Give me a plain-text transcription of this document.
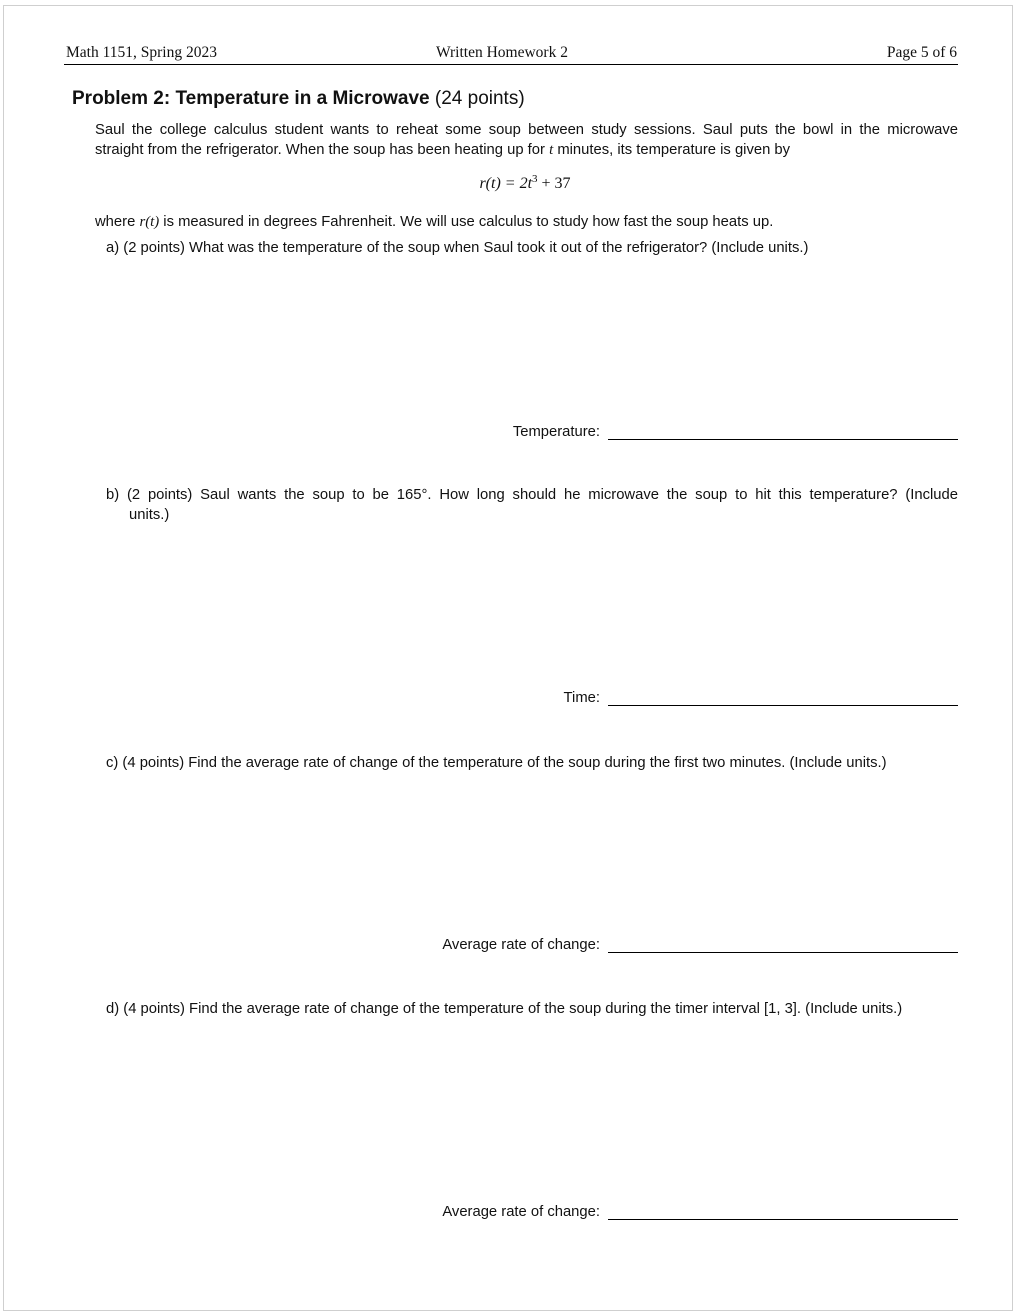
Math 1151, Spring 2023	Written Homework 2	Page 5 of 6
Problem 2: Temperature in a Microwave (24 points)
Saul the college calculus student wants to reheat some soup between study sessions. Saul puts the bowl in the microwave
straight from the refrigerator. When the soup has been heating up for t minutes, its temperature is given by
$r(t) = 2t^3 + 37$
where r(t) is measured in degrees Fahrenheit. We will use calculus to study how fast the soup heats up.
a) (2 points) What was the temperature of the soup when Saul took it out of the refrigerator? (Include units.)
Temperature:
b) (2 points) Saul wants the soup to be 165°. How long should he microwave the soup to hit this temperature? (Include
units.)
Time:
c) (4 points) Find the average rate of change of the temperature of the soup during the first two minutes. (Include units.)
Average rate of change:
d) (4 points) Find the average rate of change of the temperature of the soup during the timer interval [1, 3]. (Include units.)
Average rate of change:
